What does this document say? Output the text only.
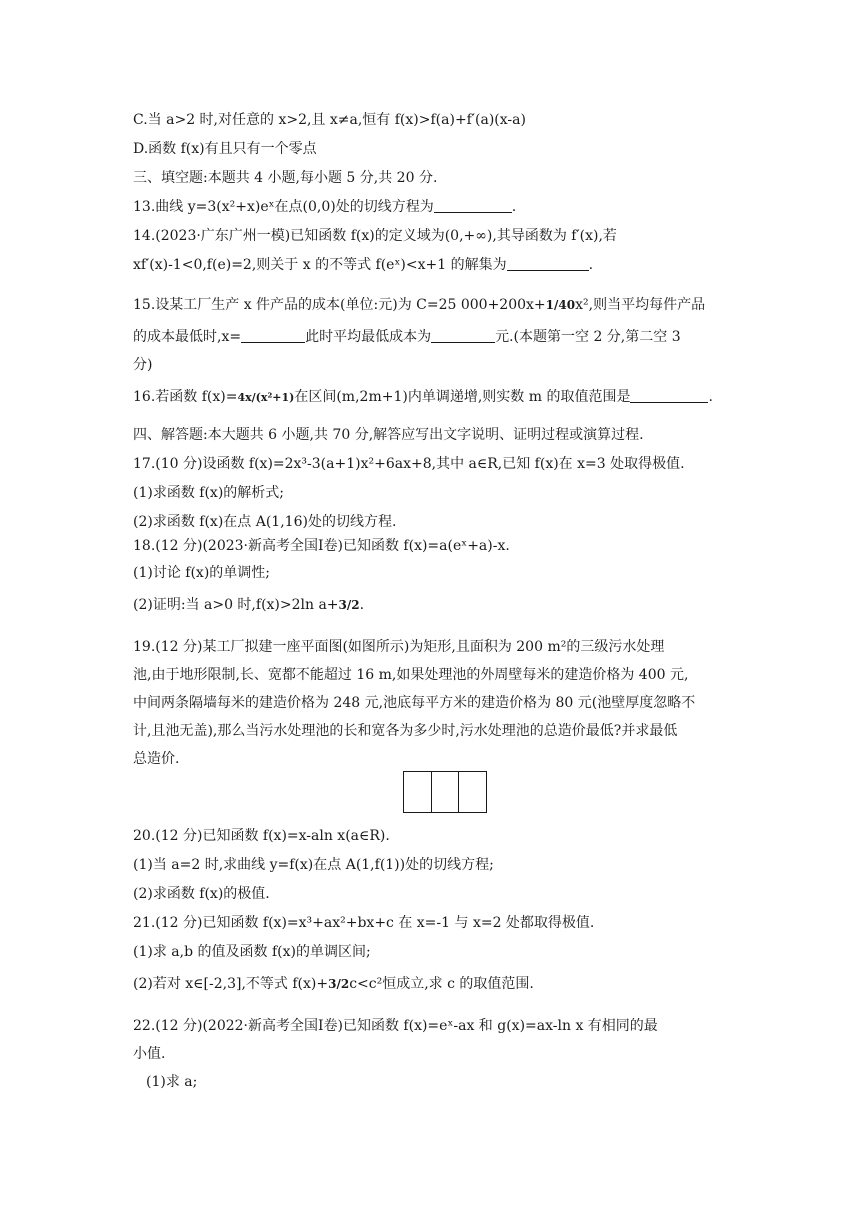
C.当 a>2 时,对任意的 x>2,且 x≠a,恒有 f(x)>f(a)+f′(a)(x-a)

D.函数 f(x)有且只有一个零点

三、填空题:本题共 4 小题,每小题 5 分,共 20 分.

13.曲线 y=3(x²+x)eˣ在点(0,0)处的切线方程为	.

14.(2023·广东广州一模)已知函数 f(x)的定义域为(0,+∞),其导函数为 f′(x),若

xf′(x)-1<0,f(e)=2,则关于 x 的不等式 f(eˣ)<x+1 的解集为	.

15.设某工厂生产 x 件产品的成本(单位:元)为 C=25 000+200x+1/40x²,则当平均每件产品

的成本最低时,x=	此时平均最低成本为	元.(本题第一空 2 分,第二空 3

分)

16.若函数 f(x)=4x/(x²+1)在区间(m,2m+1)内单调递增,则实数 m 的取值范围是	.

四、解答题:本大题共 6 小题,共 70 分,解答应写出文字说明、证明过程或演算过程.

17.(10 分)设函数 f(x)=2x³-3(a+1)x²+6ax+8,其中 a∈R,已知 f(x)在 x=3 处取得极值.

(1)求函数 f(x)的解析式;

(2)求函数 f(x)在点 A(1,16)处的切线方程.

18.(12 分)(2023·新高考全国Ⅰ卷)已知函数 f(x)=a(eˣ+a)-x.

(1)讨论 f(x)的单调性;

(2)证明:当 a>0 时,f(x)>2ln a+3/2.

19.(12 分)某工厂拟建一座平面图(如图所示)为矩形,且面积为 200 m²的三级污水处理

池,由于地形限制,长、宽都不能超过 16 m,如果处理池的外周壁每米的建造价格为 400 元,

中间两条隔墙每米的建造价格为 248 元,池底每平方米的建造价格为 80 元(池壁厚度忽略不

计,且池无盖),那么当污水处理池的长和宽各为多少时,污水处理池的总造价最低?并求最低

总造价.

20.(12 分)已知函数 f(x)=x-aln x(a∈R).

(1)当 a=2 时,求曲线 y=f(x)在点 A(1,f(1))处的切线方程;

(2)求函数 f(x)的极值.

21.(12 分)已知函数 f(x)=x³+ax²+bx+c 在 x=-1 与 x=2 处都取得极值.

(1)求 a,b 的值及函数 f(x)的单调区间;

(2)若对 x∈[-2,3],不等式 f(x)+3/2c<c²恒成立,求 c 的取值范围.

22.(12 分)(2022·新高考全国Ⅰ卷)已知函数 f(x)=eˣ-ax 和 g(x)=ax-ln x 有相同的最

小值.

(1)求 a;
